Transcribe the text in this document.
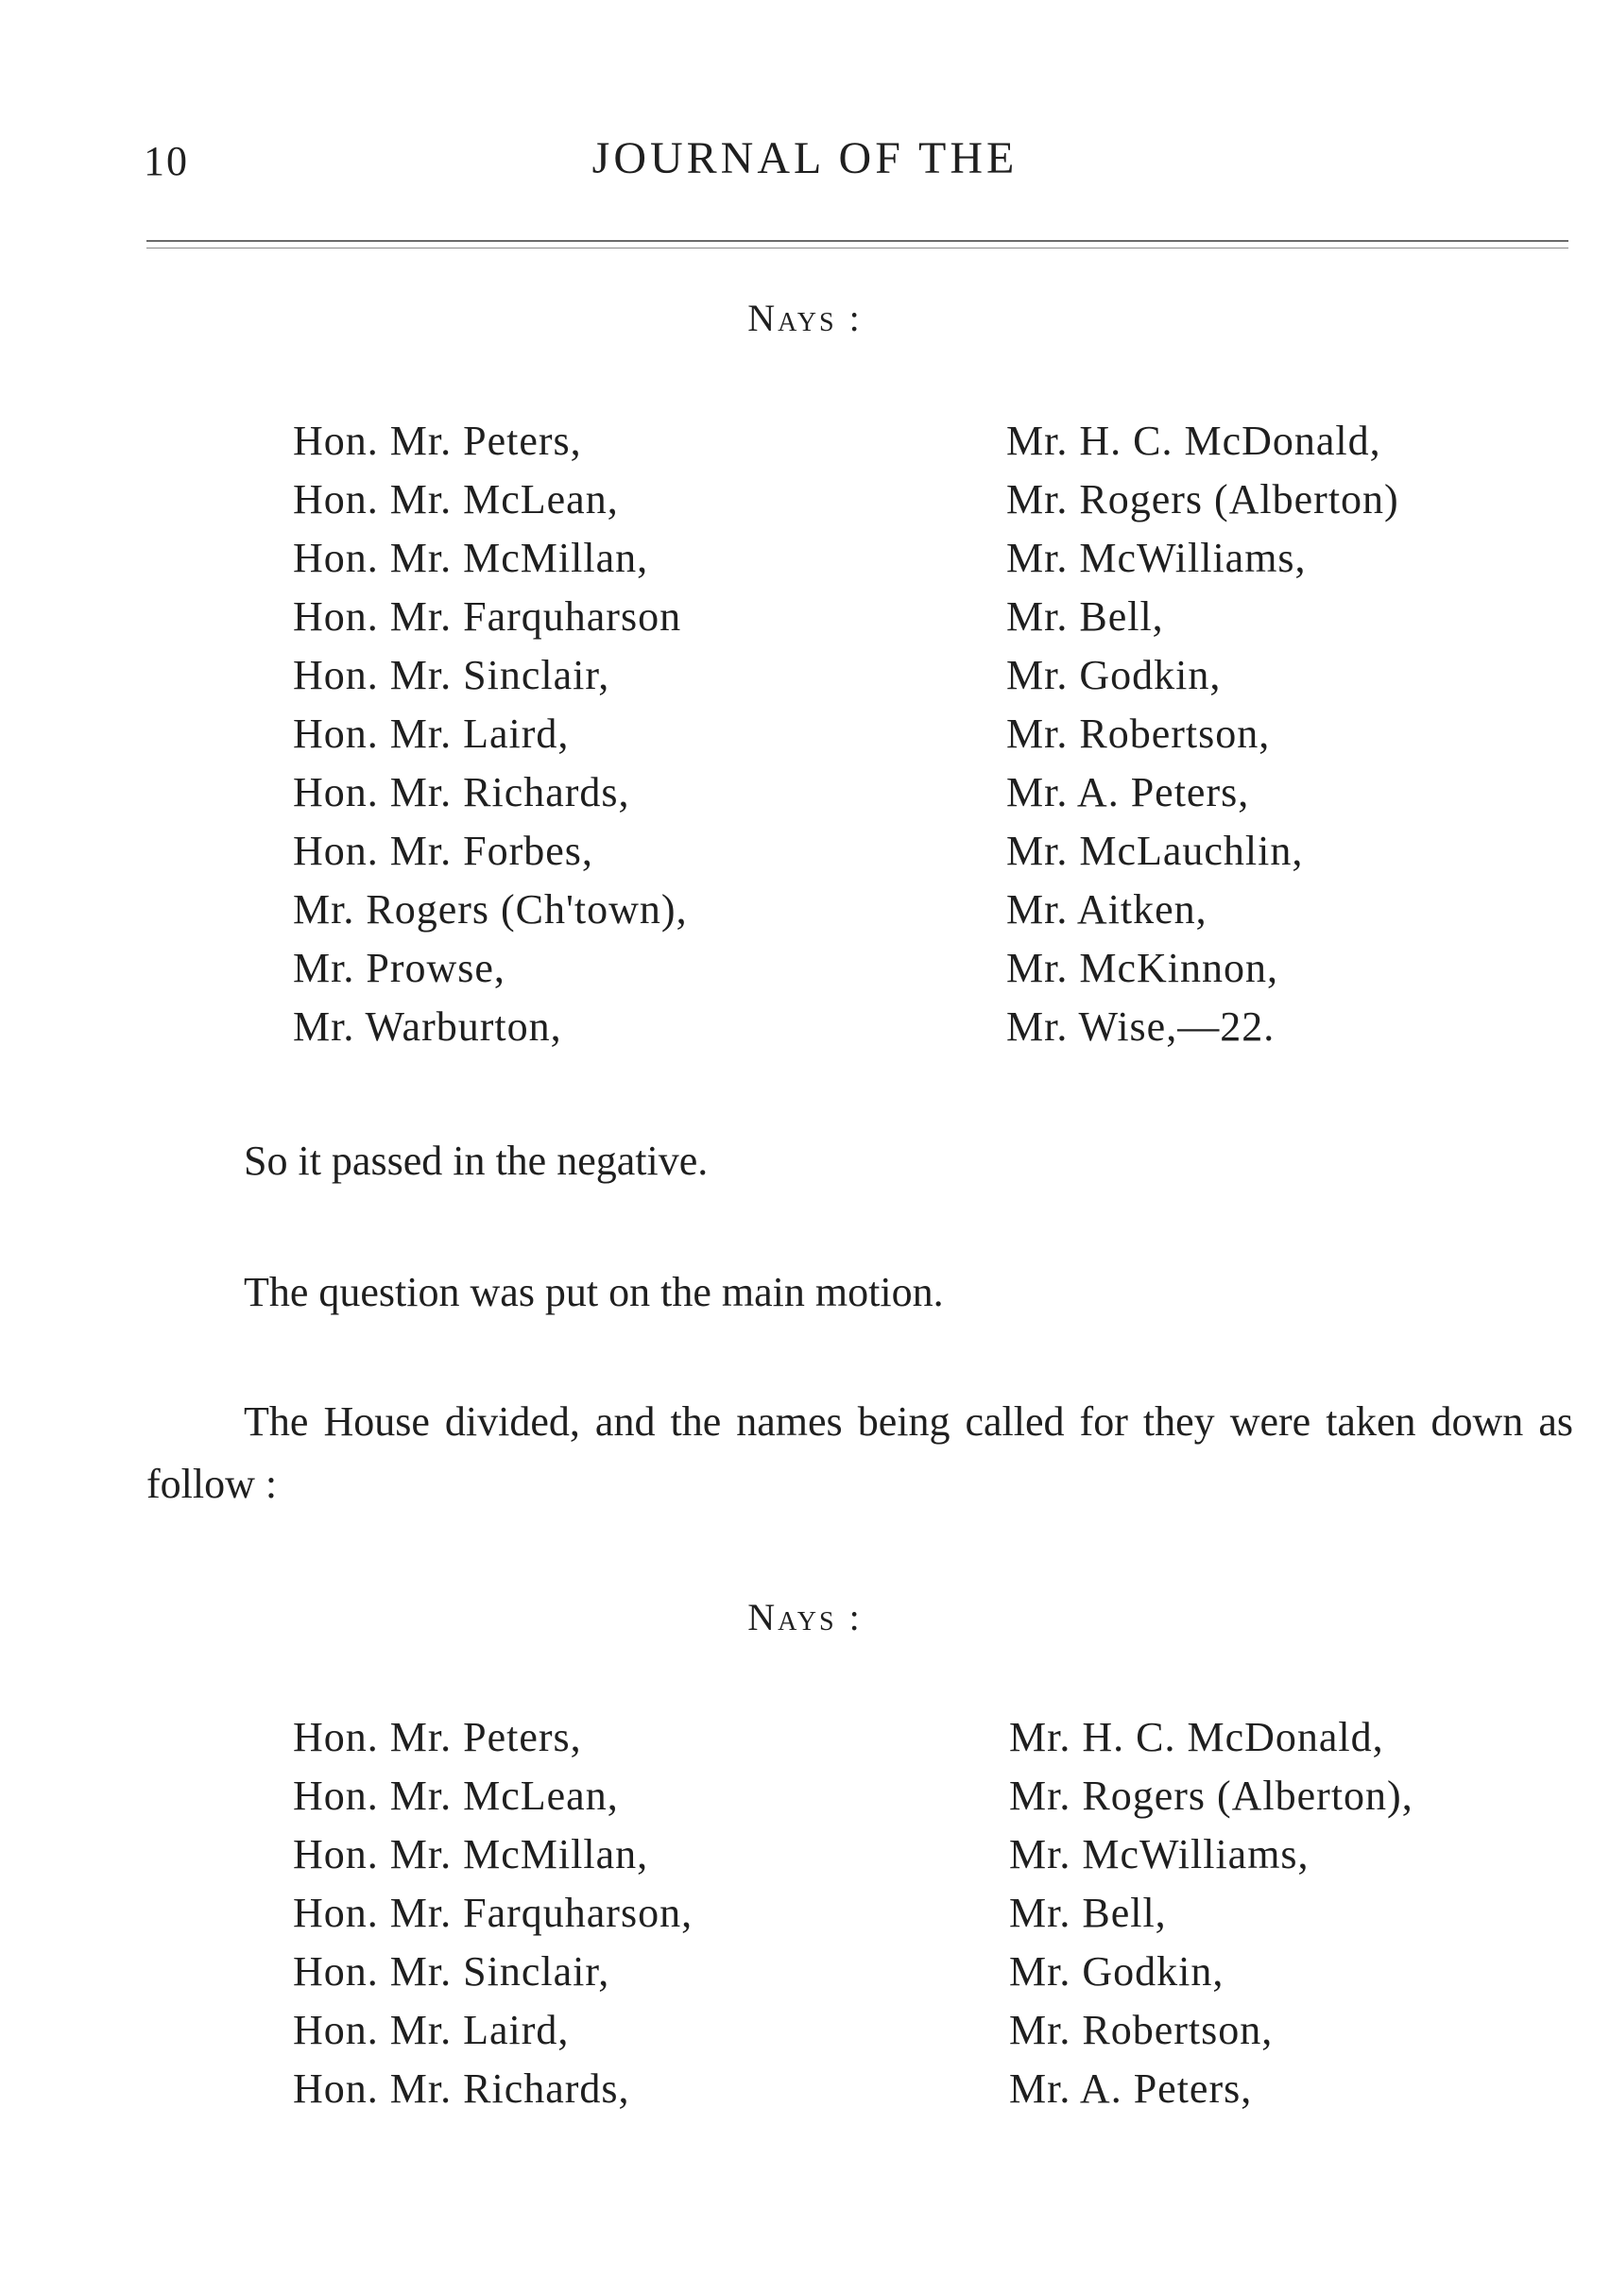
10	JOURNAL OF THE
Nays :
Hon. Mr. Peters,
Hon. Mr. McLean,
Hon. Mr. McMillan,
Hon. Mr. Farquharson
Hon. Mr. Sinclair,
Hon. Mr. Laird,
Hon. Mr. Richards,
Hon. Mr. Forbes,
Mr. Rogers (Ch'town),
Mr. Prowse,
Mr. Warburton,
Mr. H. C. McDonald,
Mr. Rogers (Alberton)
Mr. McWilliams,
Mr. Bell,
Mr. Godkin,
Mr. Robertson,
Mr. A. Peters,
Mr. McLauchlin,
Mr. Aitken,
Mr. McKinnon,
Mr. Wise,—22.

So it passed in the negative.

The question was put on the main motion.

The House divided, and the names being called for they were taken down as follow :

Nays :
Hon. Mr. Peters,
Hon. Mr. McLean,
Hon. Mr. McMillan,
Hon. Mr. Farquharson,
Hon. Mr. Sinclair,
Hon. Mr. Laird,
Hon. Mr. Richards,
Mr. H. C. McDonald,
Mr. Rogers (Alberton),
Mr. McWilliams,
Mr. Bell,
Mr. Godkin,
Mr. Robertson,
Mr. A. Peters,
